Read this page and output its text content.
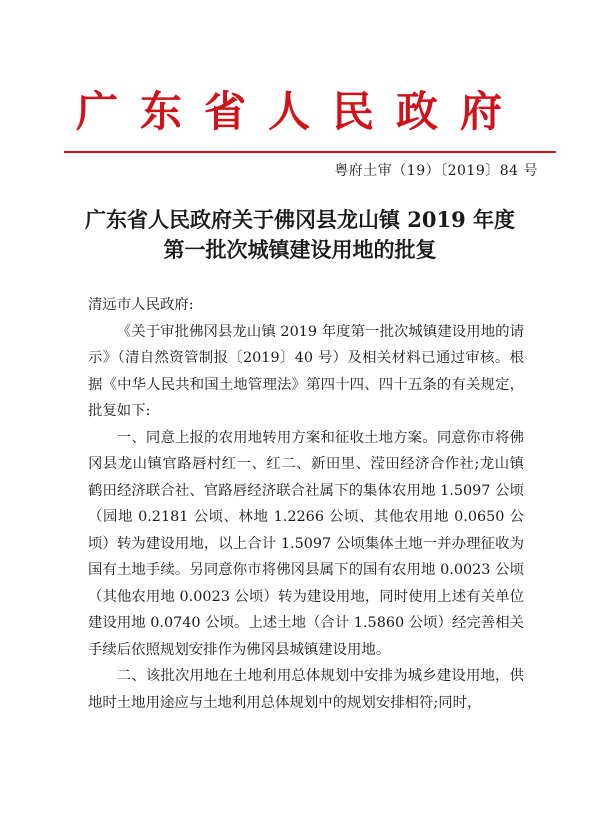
广东省人民政府
粤府土审（19）〔2019〕84 号
广东省人民政府关于佛冈县龙山镇 2019 年度
第一批次城镇建设用地的批复

清远市人民政府:

《关于审批佛冈县龙山镇 2019 年度第一批次城镇建设用地的请示》（清自然资管制报〔2019〕40 号）及相关材料已通过审核。根据《中华人民共和国土地管理法》第四十四、四十五条的有关规定，批复如下:

一、同意上报的农用地转用方案和征收土地方案。同意你市将佛冈县龙山镇官路唇村红一、红二、新田里、滢田经济合作社;龙山镇鹤田经济联合社、官路唇经济联合社属下的集体农用地 1.5097 公顷（园地 0.2181 公顷、林地 1.2266 公顷、其他农用地 0.0650 公顷）转为建设用地，以上合计 1.5097 公顷集体土地一并办理征收为国有土地手续。另同意你市将佛冈县属下的国有农用地 0.0023 公顷（其他农用地 0.0023 公顷）转为建设用地，同时使用上述有关单位建设用地 0.0740 公顷。上述土地（合计 1.5860 公顷）经完善相关手续后依照规划安排作为佛冈县城镇建设用地。

二、该批次用地在土地利用总体规划中安排为城乡建设用地，供地时土地用途应与土地利用总体规划中的规划安排相符;同时，
